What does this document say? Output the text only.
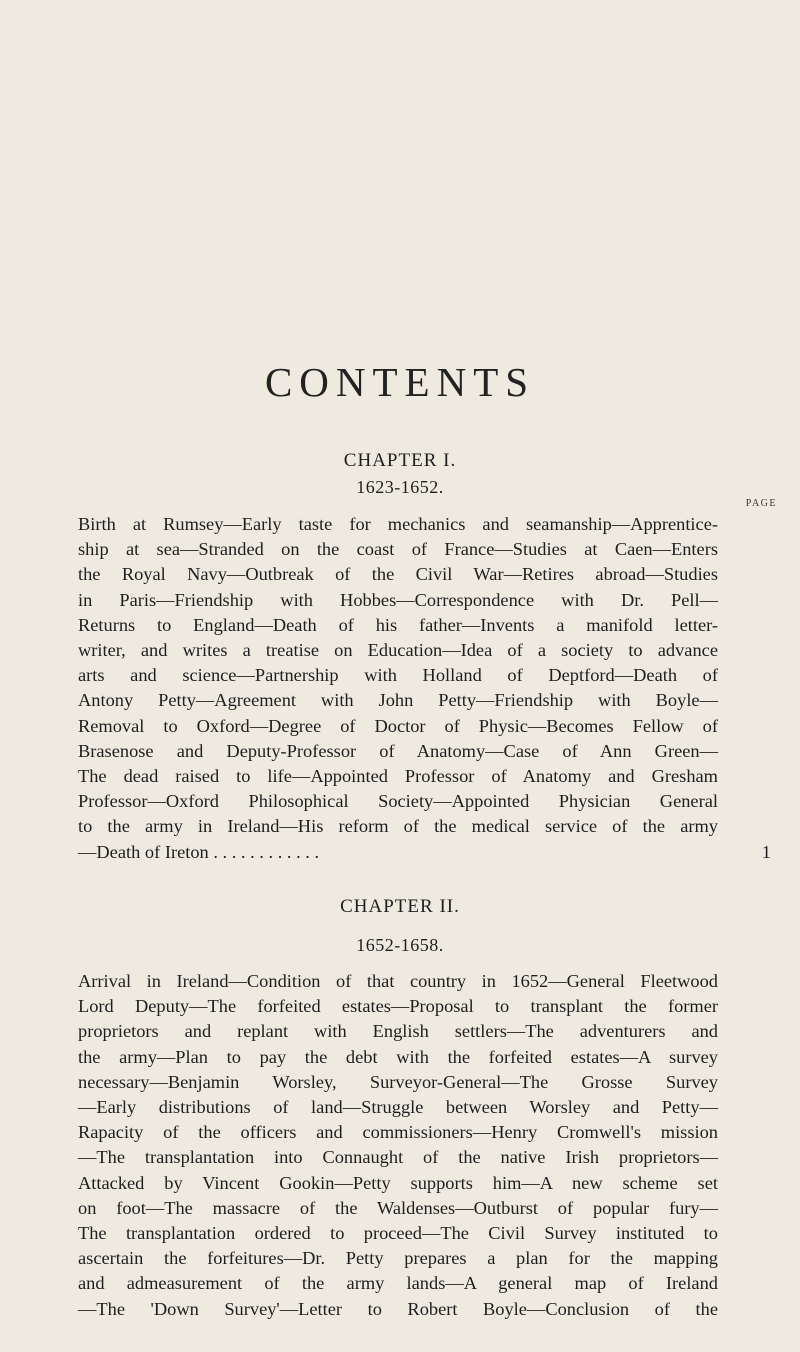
CONTENTS
CHAPTER I.
1623-1652.
PAGE
Birth at Rumsey—Early taste for mechanics and seamanship—Apprentice-
ship at sea—Stranded on the coast of France—Studies at Caen—Enters
the Royal Navy—Outbreak of the Civil War—Retires abroad—Studies
in Paris—Friendship with Hobbes—Correspondence with Dr. Pell—
Returns to England—Death of his father—Invents a manifold letter-
writer, and writes a treatise on Education—Idea of a society to advance
arts and science—Partnership with Holland of Deptford—Death of
Antony Petty—Agreement with John Petty—Friendship with Boyle—
Removal to Oxford—Degree of Doctor of Physic—Becomes Fellow of
Brasenose and Deputy-Professor of Anatomy—Case of Ann Green—
The dead raised to life—Appointed Professor of Anatomy and Gresham
Professor—Oxford Philosophical Society—Appointed Physician General
to the army in Ireland—His reform of the medical service of the army
—Death of Ireton . . . . . . . . . . . .	1
CHAPTER II.
1652-1658.
Arrival in Ireland—Condition of that country in 1652—General Fleetwood
Lord Deputy—The forfeited estates—Proposal to transplant the former
proprietors and replant with English settlers—The adventurers and
the army—Plan to pay the debt with the forfeited estates—A survey
necessary—Benjamin Worsley, Surveyor-General—The Grosse Survey
—Early distributions of land—Struggle between Worsley and Petty—
Rapacity of the officers and commissioners—Henry Cromwell's mission
—The transplantation into Connaught of the native Irish proprietors—
Attacked by Vincent Gookin—Petty supports him—A new scheme set
on foot—The massacre of the Waldenses—Outburst of popular fury—
The transplantation ordered to proceed—The Civil Survey instituted to
ascertain the forfeitures—Dr. Petty prepares a plan for the mapping
and admeasurement of the army lands—A general map of Ireland
—The 'Down Survey'—Letter to Robert Boyle—Conclusion of the
